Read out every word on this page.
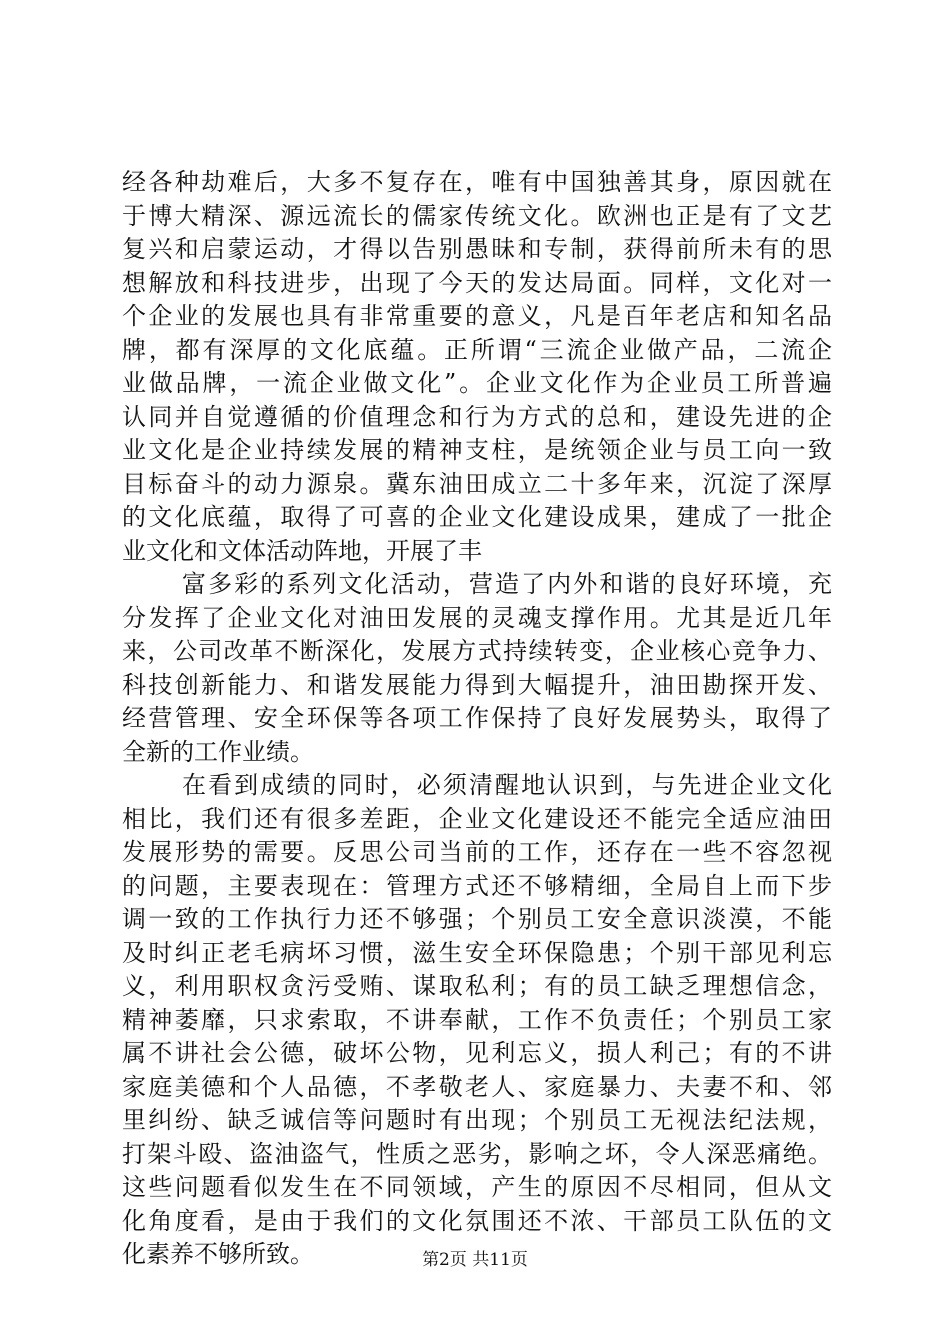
经各种劫难后，大多不复存在，唯有中国独善其身，原因就在
于博大精深、源远流长的儒家传统文化。欧洲也正是有了文艺
复兴和启蒙运动，才得以告别愚昧和专制，获得前所未有的思
想解放和科技进步，出现了今天的发达局面。同样，文化对一
个企业的发展也具有非常重要的意义，凡是百年老店和知名品
牌，都有深厚的文化底蕴。正所谓“三流企业做产品，二流企
业做品牌，一流企业做文化”。企业文化作为企业员工所普遍
认同并自觉遵循的价值理念和行为方式的总和，建设先进的企
业文化是企业持续发展的精神支柱，是统领企业与员工向一致
目标奋斗的动力源泉。冀东油田成立二十多年来，沉淀了深厚
的文化底蕴，取得了可喜的企业文化建设成果，建成了一批企
业文化和文体活动阵地，开展了丰
富多彩的系列文化活动，营造了内外和谐的良好环境，充
分发挥了企业文化对油田发展的灵魂支撑作用。尤其是近几年
来，公司改革不断深化，发展方式持续转变，企业核心竞争力、
科技创新能力、和谐发展能力得到大幅提升，油田勘探开发、
经营管理、安全环保等各项工作保持了良好发展势头，取得了
全新的工作业绩。
在看到成绩的同时，必须清醒地认识到，与先进企业文化
相比，我们还有很多差距，企业文化建设还不能完全适应油田
发展形势的需要。反思公司当前的工作，还存在一些不容忽视
的问题，主要表现在：管理方式还不够精细，全局自上而下步
调一致的工作执行力还不够强；个别员工安全意识淡漠，不能
及时纠正老毛病坏习惯，滋生安全环保隐患；个别干部见利忘
义，利用职权贪污受贿、谋取私利；有的员工缺乏理想信念，
精神萎靡，只求索取，不讲奉献，工作不负责任；个别员工家
属不讲社会公德，破坏公物，见利忘义，损人利己；有的不讲
家庭美德和个人品德，不孝敬老人、家庭暴力、夫妻不和、邻
里纠纷、缺乏诚信等问题时有出现；个别员工无视法纪法规，
打架斗殴、盗油盗气，性质之恶劣，影响之坏，令人深恶痛绝。
这些问题看似发生在不同领域，产生的原因不尽相同，但从文
化角度看，是由于我们的文化氛围还不浓、干部员工队伍的文
化素养不够所致。	第2页 共11页
